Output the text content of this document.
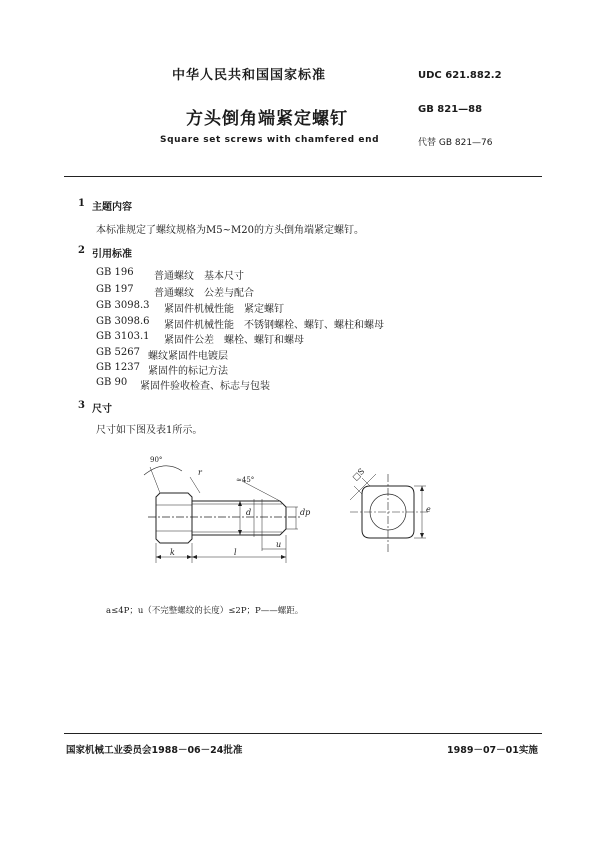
中华人民共和国国家标准	UDC 621.882.2
方头倒角端紧定螺钉	GB 821—88
Square set screws with chamfered end	代替 GB 821—76
1 主题内容
本标准规定了螺纹规格为M5~M20的方头倒角端紧定螺钉。
2 引用标准
GB 196 普通螺纹　基本尺寸
GB 197 普通螺纹　公差与配合
GB 3098.3 紧固件机械性能　紧定螺钉
GB 3098.6 紧固件机械性能　不锈钢螺栓、螺钉、螺柱和螺母
GB 3103.1 紧固件公差　螺栓、螺钉和螺母
GB 5267 螺纹紧固件电镀层
GB 1237 紧固件的标记方法
GB 90 紧固件验收检查、标志与包装
3 尺寸
尺寸如下图及表1所示。
90°
≈45°
r
d	dp
u
k	l
□S
e
a≤4P；u（不完整螺纹的长度）≤2P；P——螺距。
国家机械工业委员会1988－06－24批准	1989－07－01实施
